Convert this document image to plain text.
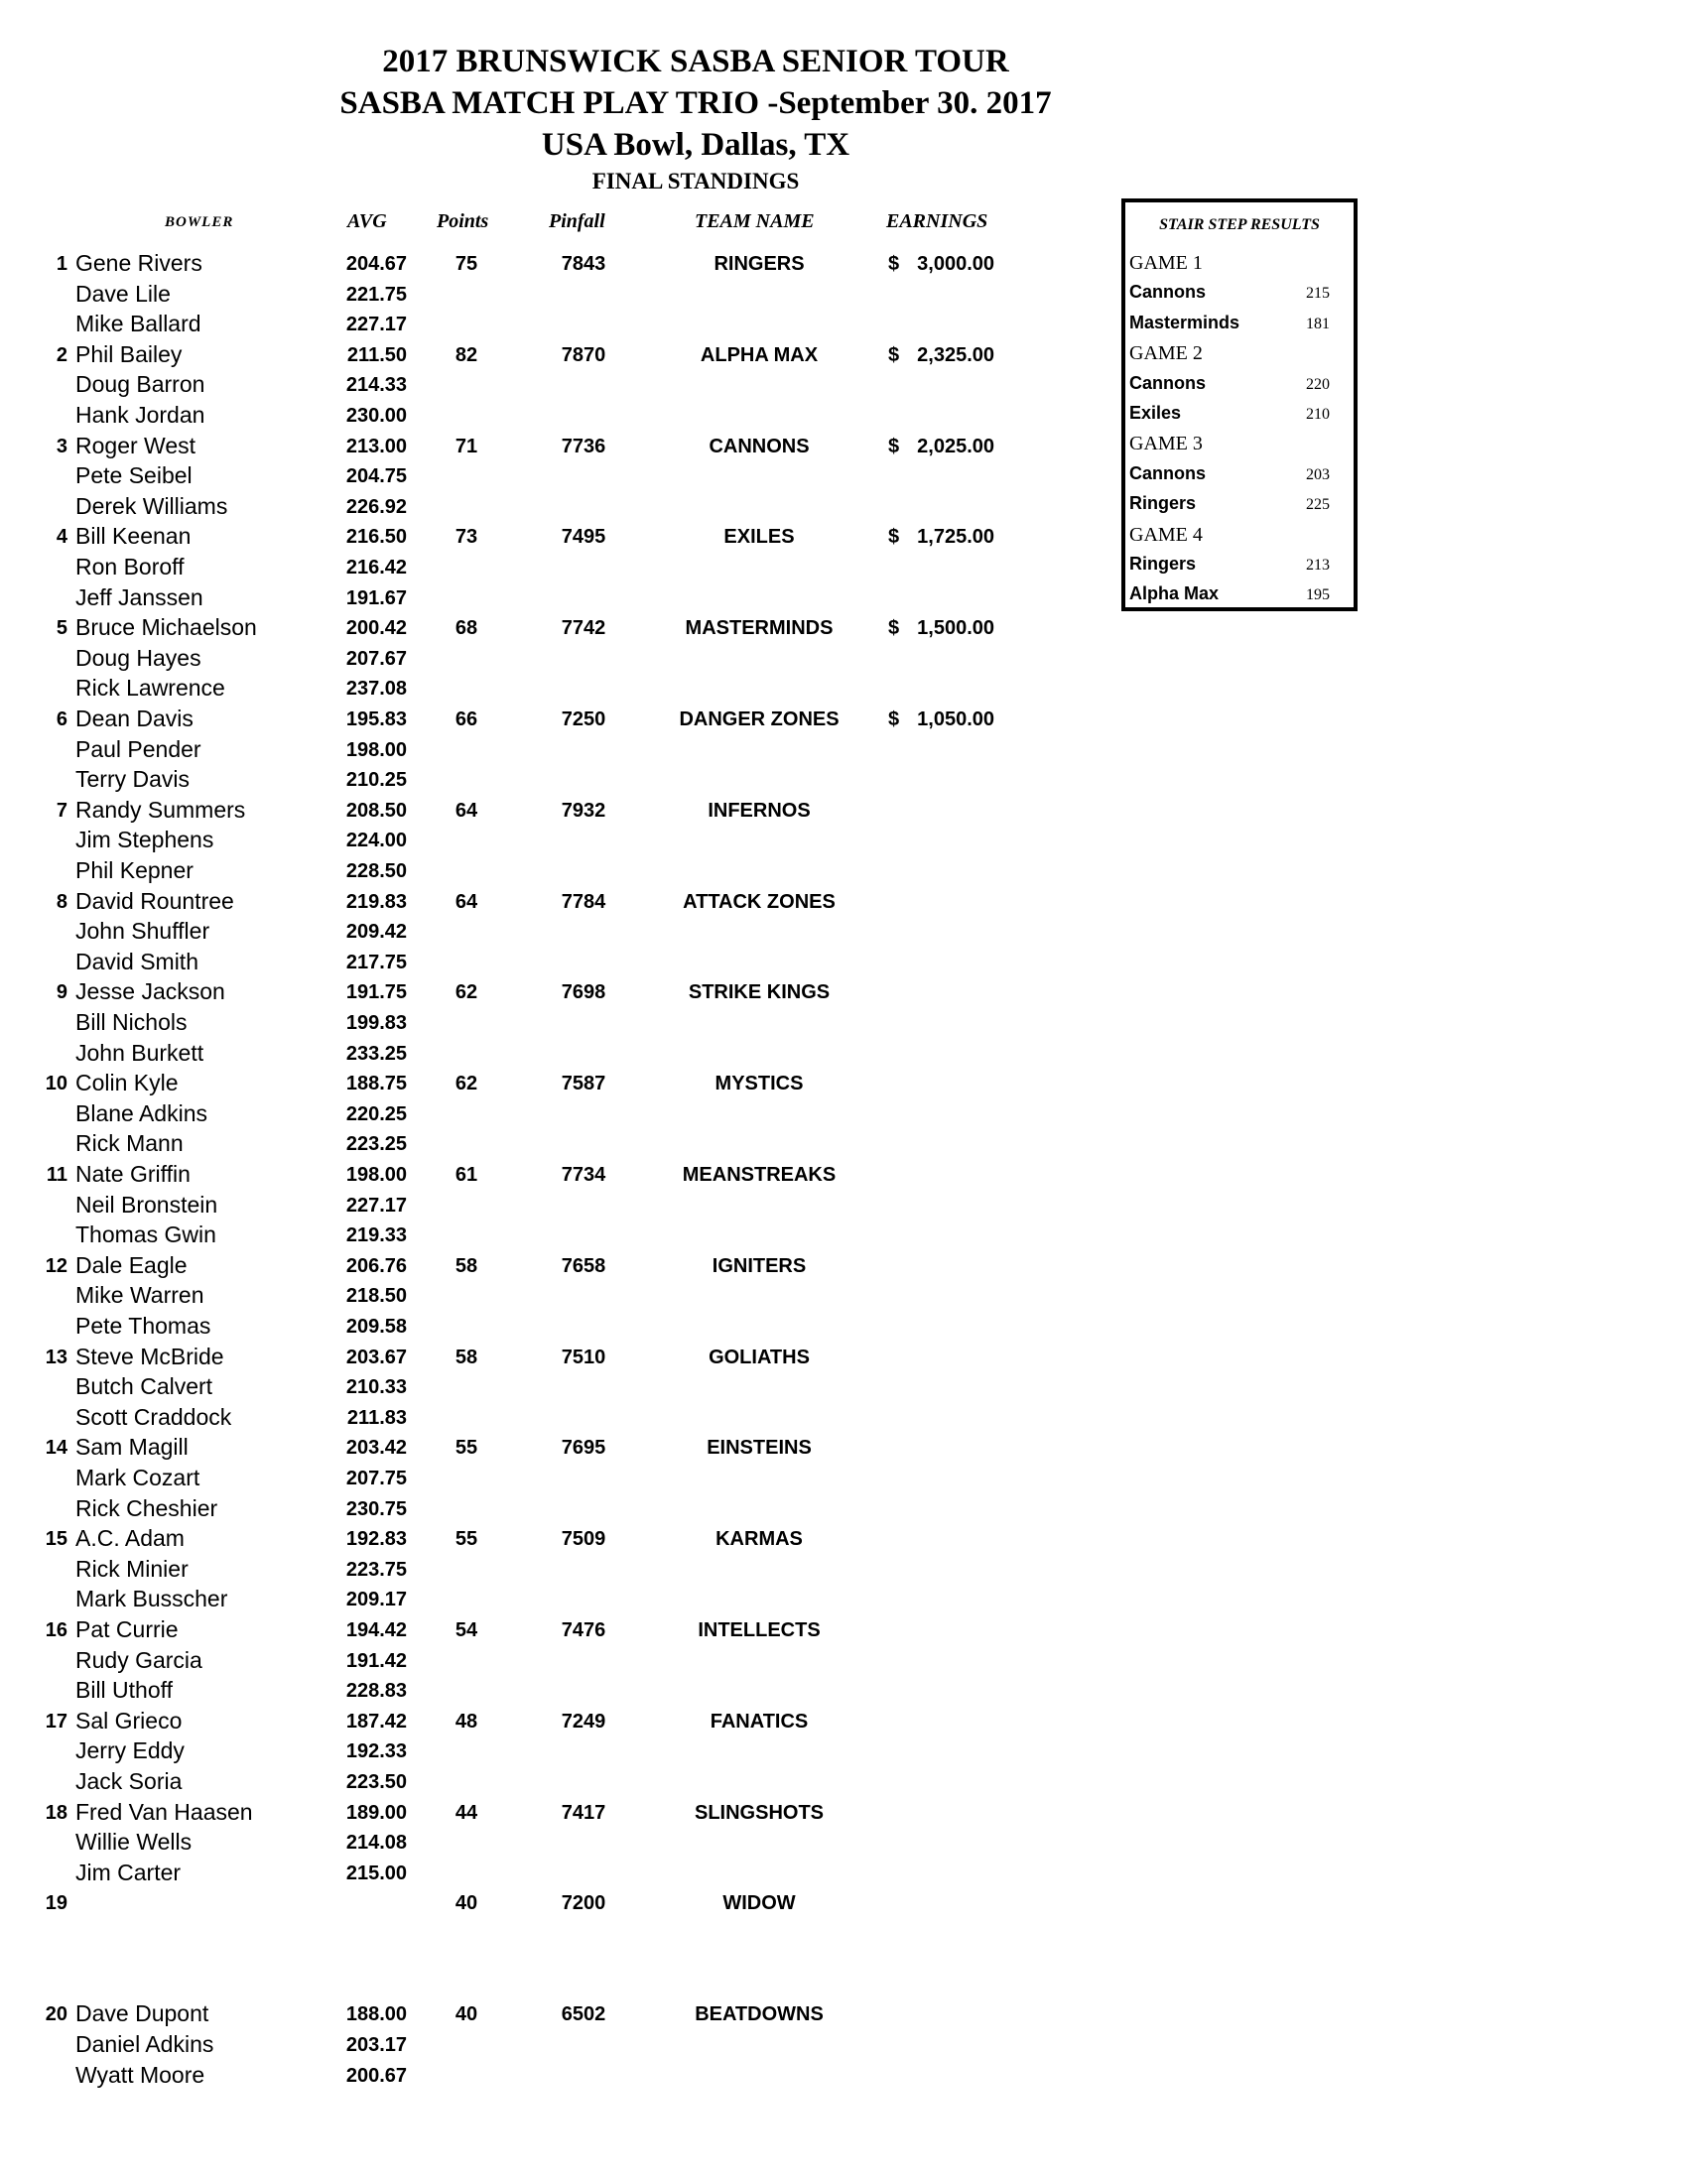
2017 BRUNSWICK SASBA SENIOR TOUR
SASBA MATCH PLAY TRIO -September 30. 2017
USA Bowl, Dallas, TX
FINAL STANDINGS
BOWLER	AVG	Points	Pinfall	TEAM NAME	EARNINGS
1 Gene Rivers	204.67	75	7843	RINGERS	$ 3,000.00
Dave Lile	221.75
Mike Ballard	227.17
2 Phil Bailey	211.50	82	7870	ALPHA MAX	$ 2,325.00
Doug Barron	214.33
Hank Jordan	230.00
3 Roger West	213.00	71	7736	CANNONS	$ 2,025.00
Pete Seibel	204.75
Derek Williams	226.92
4 Bill Keenan	216.50	73	7495	EXILES	$ 1,725.00
Ron Boroff	216.42
Jeff Janssen	191.67
5 Bruce Michaelson	200.42	68	7742	MASTERMINDS	$ 1,500.00
Doug Hayes	207.67
Rick Lawrence	237.08
6 Dean Davis	195.83	66	7250	DANGER ZONES	$ 1,050.00
Paul Pender	198.00
Terry Davis	210.25
7 Randy Summers	208.50	64	7932	INFERNOS
Jim Stephens	224.00
Phil Kepner	228.50
8 David Rountree	219.83	64	7784	ATTACK ZONES
John Shuffler	209.42
David Smith	217.75
9 Jesse Jackson	191.75	62	7698	STRIKE KINGS
Bill Nichols	199.83
John Burkett	233.25
10 Colin Kyle	188.75	62	7587	MYSTICS
Blane Adkins	220.25
Rick Mann	223.25
11 Nate Griffin	198.00	61	7734	MEANSTREAKS
Neil Bronstein	227.17
Thomas Gwin	219.33
12 Dale Eagle	206.76	58	7658	IGNITERS
Mike Warren	218.50
Pete Thomas	209.58
13 Steve McBride	203.67	58	7510	GOLIATHS
Butch Calvert	210.33
Scott Craddock	211.83
14 Sam Magill	203.42	55	7695	EINSTEINS
Mark Cozart	207.75
Rick Cheshier	230.75
15 A.C. Adam	192.83	55	7509	KARMAS
Rick Minier	223.75
Mark Busscher	209.17
16 Pat Currie	194.42	54	7476	INTELLECTS
Rudy Garcia	191.42
Bill Uthoff	228.83
17 Sal Grieco	187.42	48	7249	FANATICS
Jerry Eddy	192.33
Jack Soria	223.50
18 Fred Van Haasen	189.00	44	7417	SLINGSHOTS
Willie Wells	214.08
Jim Carter	215.00
19	40	7200	WIDOW
20 Dave Dupont	188.00	40	6502	BEATDOWNS
Daniel Adkins	203.17
Wyatt Moore	200.67
STAIR STEP RESULTS
GAME 1
Cannons	215
Masterminds	181
GAME 2
Cannons	220
Exiles	210
GAME 3
Cannons	203
Ringers	225
GAME 4
Ringers	213
Alpha Max	195
